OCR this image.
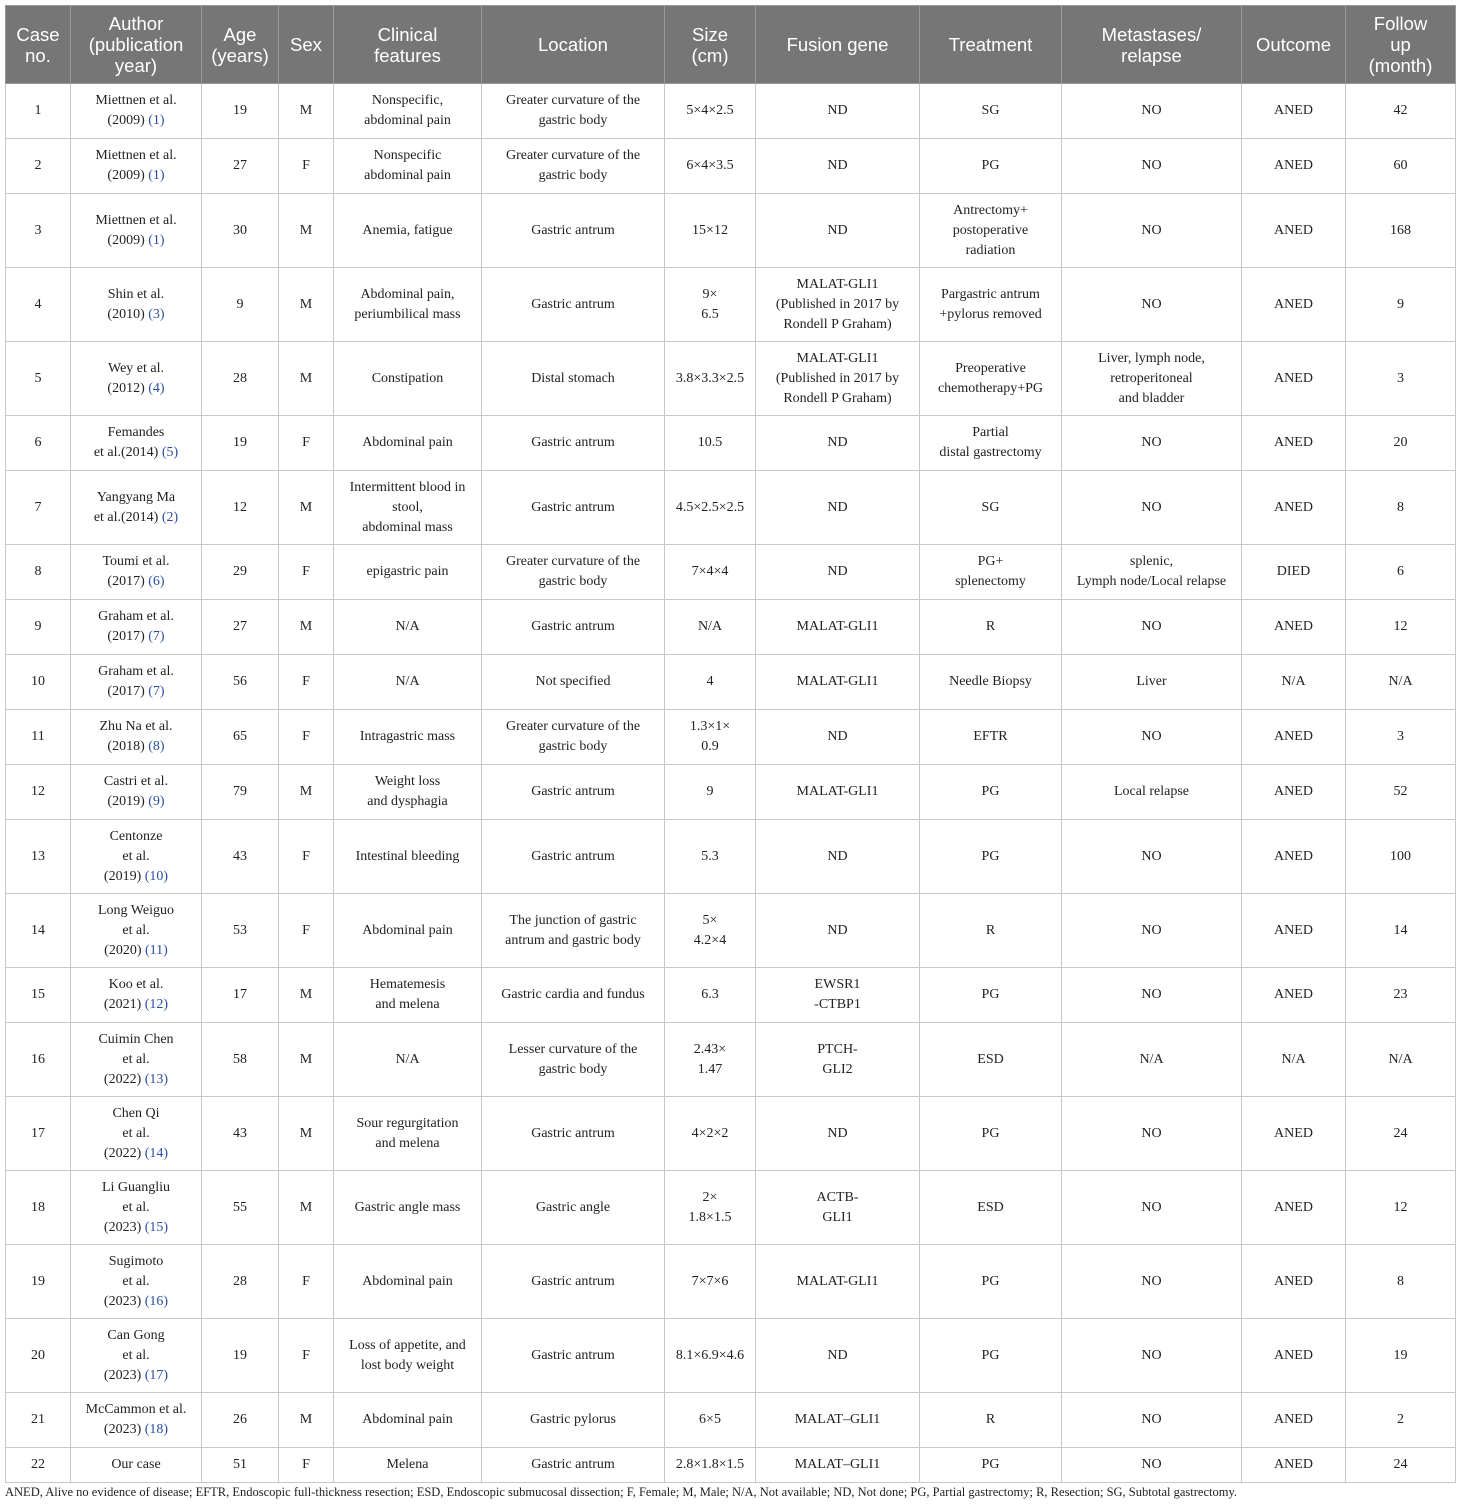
Case
no.	Author
(publication
year)	Age
(years)	Sex	Clinical
features	Location	Size
(cm)	Fusion gene	Treatment	Metastases/
relapse	Outcome	Follow
up
(month)
1	Miettnen et al.
(2009) (1)	19	M	Nonspecific,
abdominal pain	Greater curvature of the
gastric body	5×4×2.5	ND	SG	NO	ANED	42
2	Miettnen et al.
(2009) (1)	27	F	Nonspecific
abdominal pain	Greater curvature of the
gastric body	6×4×3.5	ND	PG	NO	ANED	60
3	Miettnen et al.
(2009) (1)	30	M	Anemia, fatigue	Gastric antrum	15×12	ND	Antrectomy+
postoperative
radiation	NO	ANED	168
4	Shin et al.
(2010) (3)	9	M	Abdominal pain,
periumbilical mass	Gastric antrum	9×
6.5	MALAT-GLI1
(Published in 2017 by
Rondell P Graham)	Pargastric antrum
+pylorus removed	NO	ANED	9
5	Wey et al.
(2012) (4)	28	M	Constipation	Distal stomach	3.8×3.3×2.5	MALAT-GLI1
(Published in 2017 by
Rondell P Graham)	Preoperative
chemotherapy+PG	Liver, lymph node,
retroperitoneal
and bladder	ANED	3
6	Femandes
et al.(2014) (5)	19	F	Abdominal pain	Gastric antrum	10.5	ND	Partial
distal gastrectomy	NO	ANED	20
7	Yangyang Ma
et al.(2014) (2)	12	M	Intermittent blood in
stool,
abdominal mass	Gastric antrum	4.5×2.5×2.5	ND	SG	NO	ANED	8
8	Toumi et al.
(2017) (6)	29	F	epigastric pain	Greater curvature of the
gastric body	7×4×4	ND	PG+
splenectomy	splenic,
Lymph node/Local relapse	DIED	6
9	Graham et al.
(2017) (7)	27	M	N/A	Gastric antrum	N/A	MALAT-GLI1	R	NO	ANED	12
10	Graham et al.
(2017) (7)	56	F	N/A	Not specified	4	MALAT-GLI1	Needle Biopsy	Liver	N/A	N/A
11	Zhu Na et al.
(2018) (8)	65	F	Intragastric mass	Greater curvature of the
gastric body	1.3×1×
0.9	ND	EFTR	NO	ANED	3
12	Castri et al.
(2019) (9)	79	M	Weight loss
and dysphagia	Gastric antrum	9	MALAT-GLI1	PG	Local relapse	ANED	52
13	Centonze
et al.
(2019) (10)	43	F	Intestinal bleeding	Gastric antrum	5.3	ND	PG	NO	ANED	100
14	Long Weiguo
et al.
(2020) (11)	53	F	Abdominal pain	The junction of gastric
antrum and gastric body	5×
4.2×4	ND	R	NO	ANED	14
15	Koo et al.
(2021) (12)	17	M	Hematemesis
and melena	Gastric cardia and fundus	6.3	EWSR1
-CTBP1	PG	NO	ANED	23
16	Cuimin Chen
et al.
(2022) (13)	58	M	N/A	Lesser curvature of the
gastric body	2.43×
1.47	PTCH-
GLI2	ESD	N/A	N/A	N/A
17	Chen Qi
et al.
(2022) (14)	43	M	Sour regurgitation
and melena	Gastric antrum	4×2×2	ND	PG	NO	ANED	24
18	Li Guangliu
et al.
(2023) (15)	55	M	Gastric angle mass	Gastric angle	2×
1.8×1.5	ACTB-
GLI1	ESD	NO	ANED	12
19	Sugimoto
et al.
(2023) (16)	28	F	Abdominal pain	Gastric antrum	7×7×6	MALAT-GLI1	PG	NO	ANED	8
20	Can Gong
et al.
(2023) (17)	19	F	Loss of appetite, and
lost body weight	Gastric antrum	8.1×6.9×4.6	ND	PG	NO	ANED	19
21	McCammon et al.
(2023) (18)	26	M	Abdominal pain	Gastric pylorus	6×5	MALAT–GLI1	R	NO	ANED	2
22	Our case	51	F	Melena	Gastric antrum	2.8×1.8×1.5	MALAT–GLI1	PG	NO	ANED	24
ANED, Alive no evidence of disease; EFTR, Endoscopic full-thickness resection; ESD, Endoscopic submucosal dissection; F, Female; M, Male; N/A, Not available; ND, Not done; PG, Partial gastrectomy; R, Resection; SG, Subtotal gastrectomy.
